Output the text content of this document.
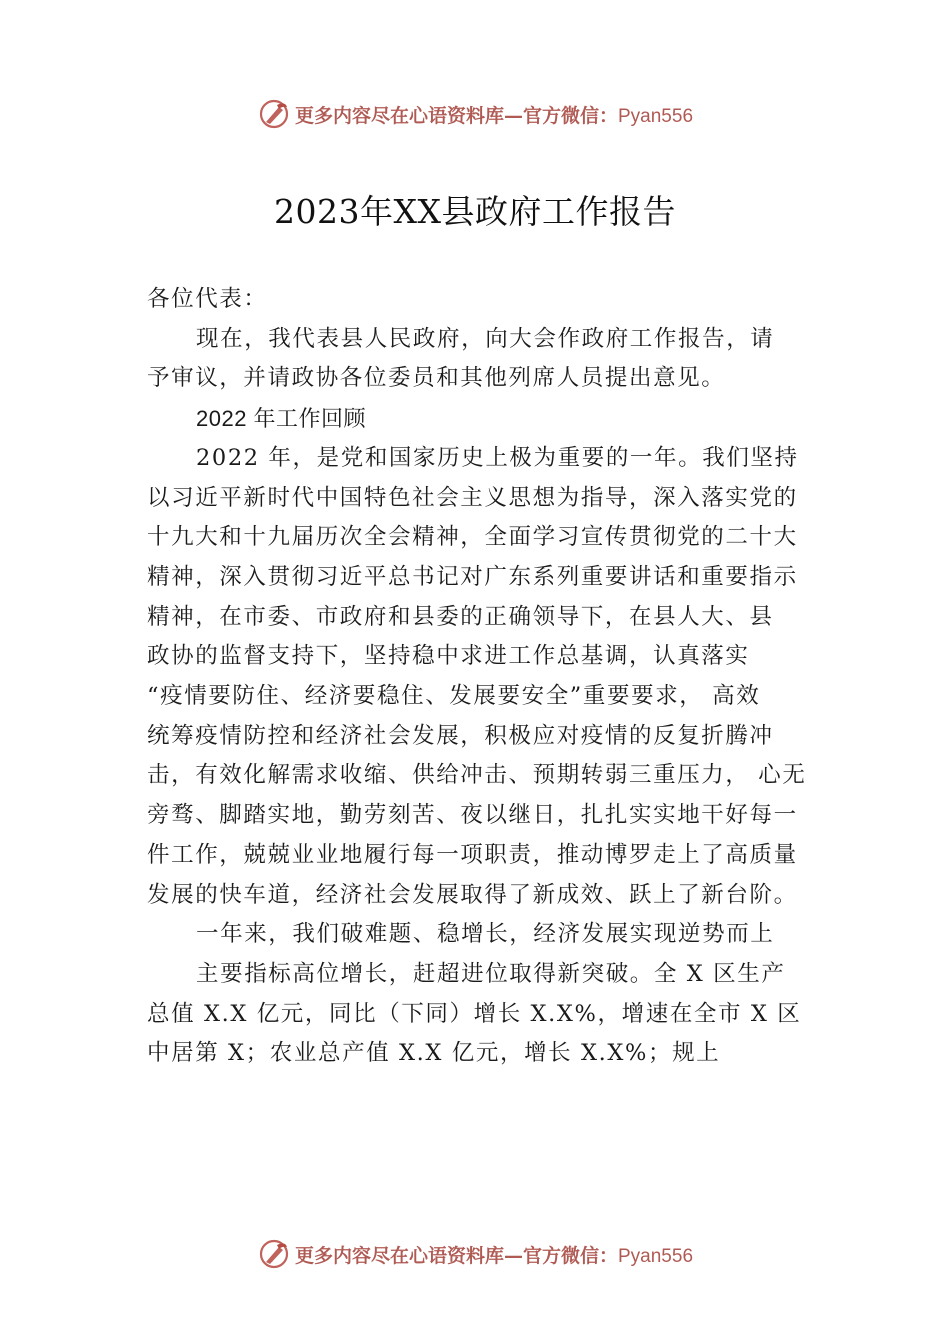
更多内容尽在心语资料库—官方微信：Pyan556
2023年XX县政府工作报告

各位代表：

现在，我代表县人民政府，向大会作政府工作报告，请
予审议，并请政协各位委员和其他列席人员提出意见。

2022 年工作回顾

2022 年，是党和国家历史上极为重要的一年。我们坚持
以习近平新时代中国特色社会主义思想为指导，深入落实党的
十九大和十九届历次全会精神，全面学习宣传贯彻党的二十大
精神，深入贯彻习近平总书记对广东系列重要讲话和重要指示
精神，在市委、市政府和县委的正确领导下，在县人大、县
政协的监督支持下，坚持稳中求进工作总基调，认真落实
“疫情要防住、经济要稳住、发展要安全”重要要求， 高效
统筹疫情防控和经济社会发展，积极应对疫情的反复折腾冲
击，有效化解需求收缩、供给冲击、预期转弱三重压力， 心无
旁骛、脚踏实地，勤劳刻苦、夜以继日，扎扎实实地干好每一
件工作，兢兢业业地履行每一项职责，推动博罗走上了高质量
发展的快车道，经济社会发展取得了新成效、跃上了新台阶。

一年来，我们破难题、稳增长，经济发展实现逆势而上

主要指标高位增长，赶超进位取得新突破。全 X 区生产
总值 X.X 亿元，同比（下同）增长 X.X%，增速在全市 X 区
中居第 X；农业总产值 X.X 亿元，增长 X.X%；规上

更多内容尽在心语资料库—官方微信：Pyan556
